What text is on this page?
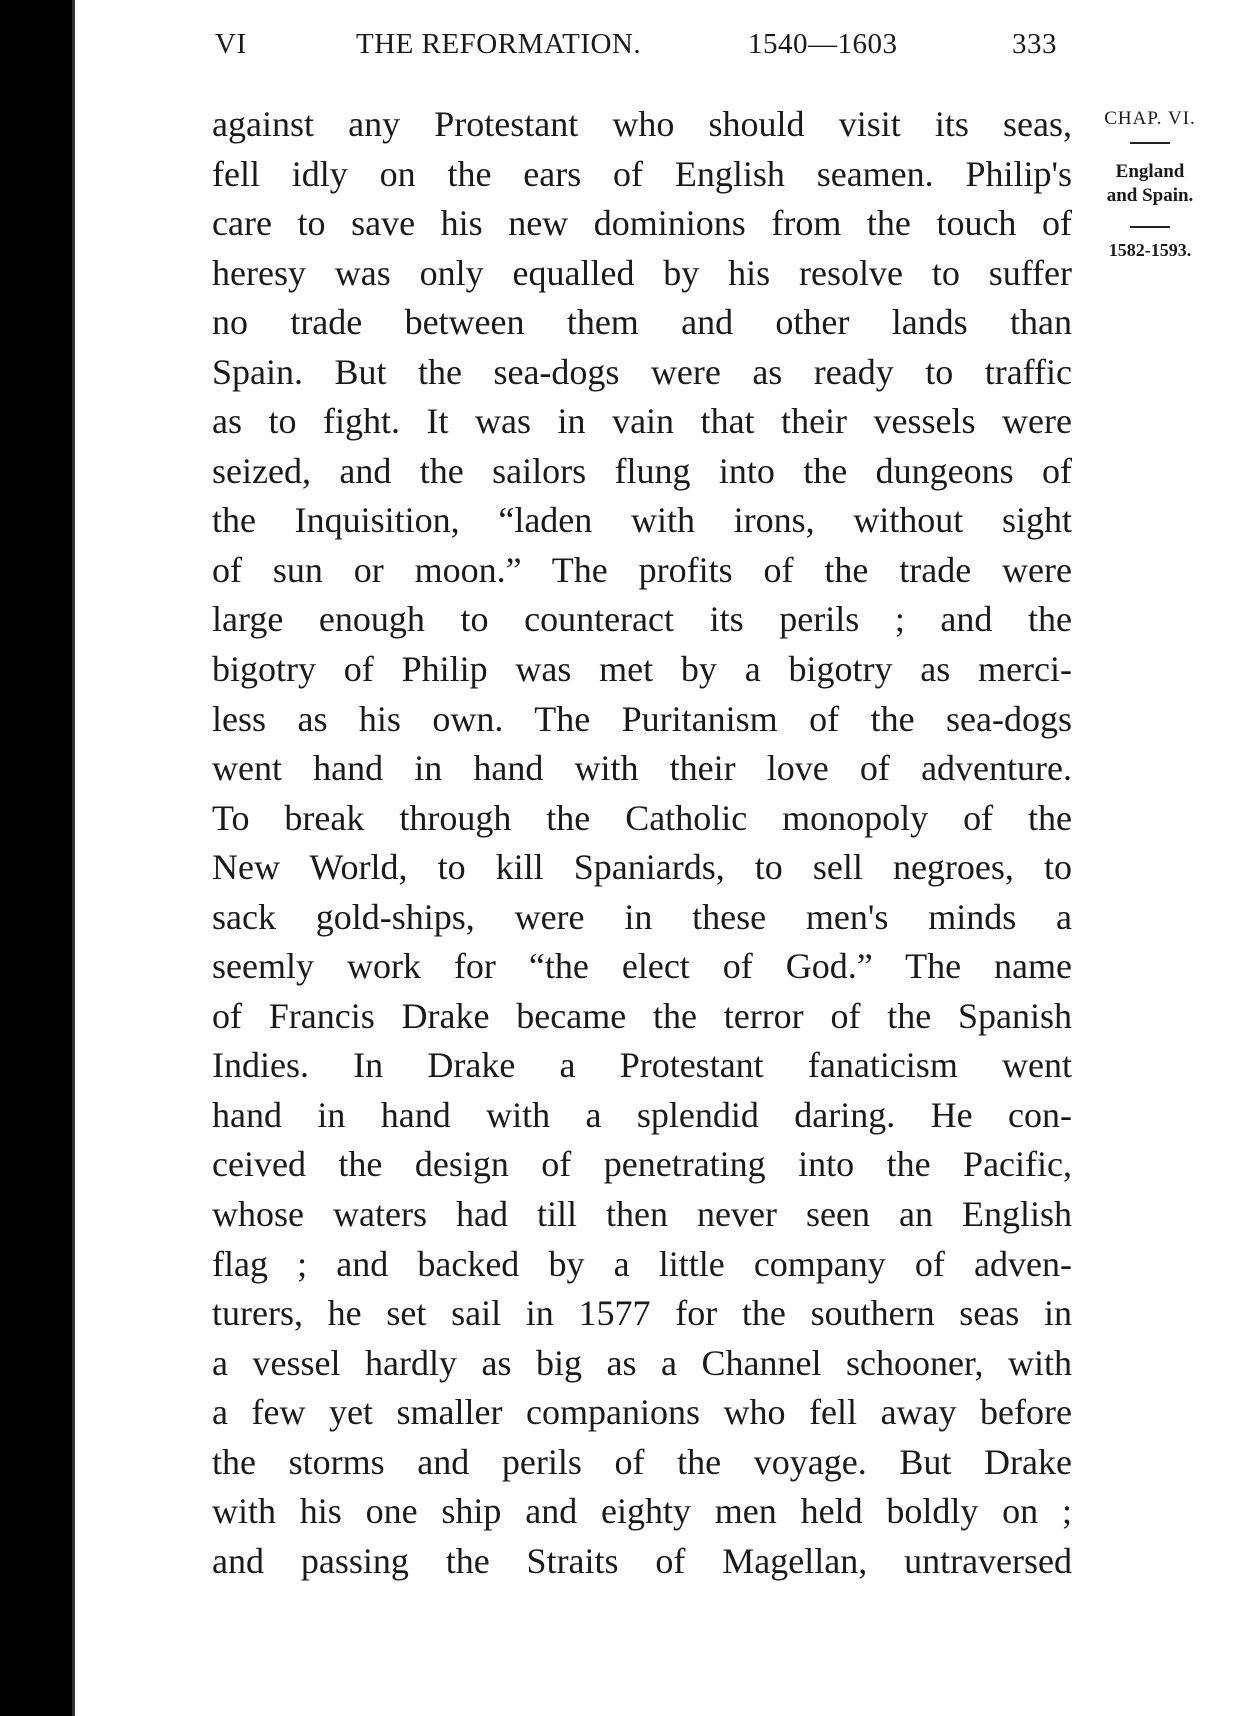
VI	THE REFORMATION.	1540—1603	333
CHAP. VI.
England
and Spain.
1582-1593.
against any Protestant who should visit its seas,
fell idly on the ears of English seamen. Philip's
care to save his new dominions from the touch of
heresy was only equalled by his resolve to suffer
no trade between them and other lands than
Spain. But the sea-dogs were as ready to traffic
as to fight. It was in vain that their vessels were
seized, and the sailors flung into the dungeons of
the Inquisition, “laden with irons, without sight
of sun or moon.” The profits of the trade were
large enough to counteract its perils ; and the
bigotry of Philip was met by a bigotry as merci-
less as his own. The Puritanism of the sea-dogs
went hand in hand with their love of adventure.
To break through the Catholic monopoly of the
New World, to kill Spaniards, to sell negroes, to
sack gold-ships, were in these men's minds a
seemly work for “the elect of God.” The name
of Francis Drake became the terror of the Spanish
Indies. In Drake a Protestant fanaticism went
hand in hand with a splendid daring. He con-
ceived the design of penetrating into the Pacific,
whose waters had till then never seen an English
flag ; and backed by a little company of adven-
turers, he set sail in 1577 for the southern seas in
a vessel hardly as big as a Channel schooner, with
a few yet smaller companions who fell away before
the storms and perils of the voyage. But Drake
with his one ship and eighty men held boldly on ;
and passing the Straits of Magellan, untraversed
